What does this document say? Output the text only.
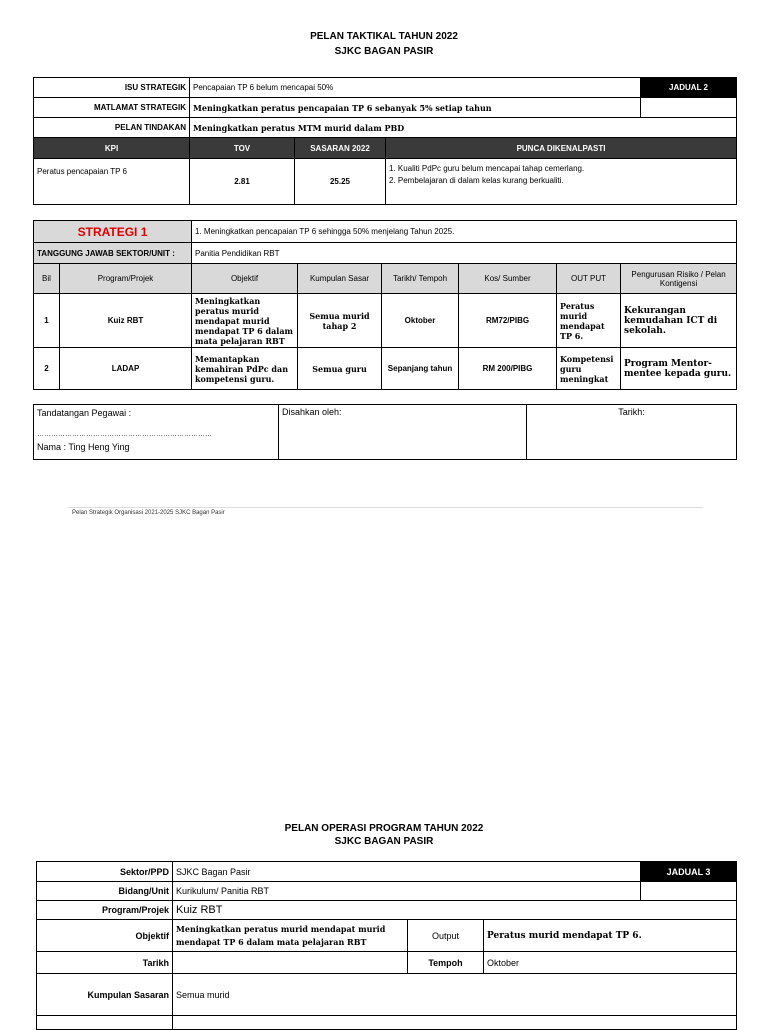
PELAN TAKTIKAL TAHUN 2022
SJKC BAGAN PASIR
ISU STRATEGIK	Pencapaian TP 6 belum mencapai 50%			JADUAL 2
MATLAMAT STRATEGIK	Meningkatkan peratus pencapaian TP 6 sebanyak 5% setiap tahun			
PELAN TINDAKAN	Meningkatkan peratus MTM murid dalam PBD			
KPI	TOV	SASARAN 2022	PUNCA DIKENALPASTI	
Peratus pencapaian TP 6	2.81	25.25	1. Kualiti PdPc guru belum mencapai tahap cemerlang.
2. Pembelajaran di dalam kelas kurang berkualiti.	
STRATEGI 1		1. Meningkatkan pencapaian TP 6 sehingga 50% menjelang Tahun 2025.					
TANGGUNG JAWAB SEKTOR/UNIT :		Panitia Pendidikan RBT					
Bil	Program/Projek	Objektif	Kumpulan Sasar	Tarikh/ Tempoh	Kos/ Sumber	OUT PUT	Pengurusan Risiko / Pelan Kontigensi
1	Kuiz RBT	Meningkatkan peratus murid mendapat murid mendapat TP 6 dalam mata pelajaran RBT	Semua murid tahap 2	Oktober	RM72/PIBG	Peratus murid mendapat TP 6.	Kekurangan kemudahan ICT di sekolah.
2	LADAP	Memantapkan kemahiran PdPc dan kompetensi guru.	Semua guru	Sepanjang tahun	RM 200/PIBG	Kompetensi guru meningkat	Program Mentor-mentee kepada guru.
Tandatangan Pegawai :
…………………………………………………………………
Nama : Ting Heng Ying
	Disahkan oleh:	Tarikh:
Pelan Strategik Organisasi 2021-2025 SJKC Bagan Pasir
PELAN OPERASI PROGRAM TAHUN 2022
SJKC BAGAN PASIR
Sektor/PPD	SJKC Bagan Pasir			JADUAL 3
Bidang/Unit	Kurikulum/ Panitia RBT			
Program/Projek	Kuiz RBT			
Objektif	Meningkatkan peratus murid mendapat murid mendapat TP 6 dalam mata pelajaran RBT	Output	Peratus murid mendapat TP 6.	
Tarikh		Tempoh	Oktober	
Kumpulan Sasaran	Semua murid			
